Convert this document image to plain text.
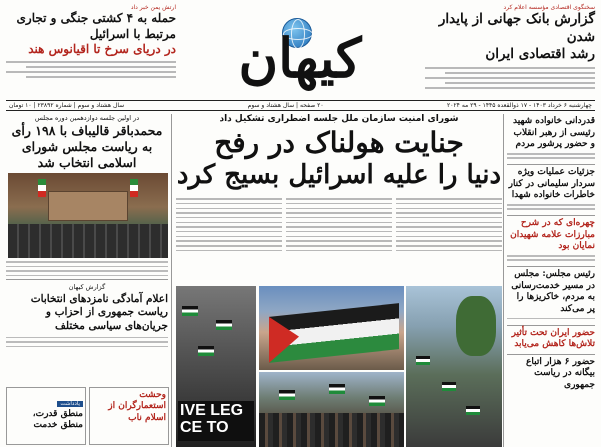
سخنگوی اقتصادی مؤسسه اعلام کرد
گزارش بانک جهانی از پایدار شدن
رشد اقتصادی ایران
کیهان
ارتش یمن خبر داد
حمله به ۴ کشتی جنگی و تجاری مرتبط با اسرائیل
در دریای سرخ تا اقیانوس هند
چهارشنبه ۶ خرداد ۱۴۰۳ - ۱۷ ذوالقعده ۱۴۴۵ - ۲۹ مه ۲۰۲۴
۲۰ صفحه | سال هشتاد و سوم
سال هشتاد و سوم | شماره ۲۳۸۹۲ | ۱۰ تومان
قدردانی خانواده شهید رئیسی از رهبر انقلاب و حضور پرشور مردم
جزئیات عملیات ویژه سردار سلیمانی در کنار خاطرات خانواده شهدا
چهره‌ای که در شرح مبارزات علامه شهیدان نمایان بود
رئیس مجلس: مجلس در مسیر خدمت‌رسانی به مردم، خاکریزها را پر می‌کند
حضور ایران تحت تأثیر تلاش‌ها کاهش می‌یابد
حضور ۶ هزار اتباع بیگانه در ریاست جمهوری
شورای امنیت سازمان ملل جلسه اضطراری تشکیل داد
جنایت هولناک در رفح
دنیا را علیه اسرائیل بسیج کرد
IVE LEG
CE TO
در اولین جلسه دوازدهمین دوره مجلس
محمدباقر قالیباف با ۱۹۸ رأی به ریاست مجلس شورای اسلامی انتخاب شد
گزارش کیهان
اعلام آمادگی نامزدهای انتخابات ریاست جمهوری از احزاب و جریان‌های سیاسی مختلف
وحشت استعمارگران از اسلام ناب
یادداشت
منطق قدرت، منطق خدمت
